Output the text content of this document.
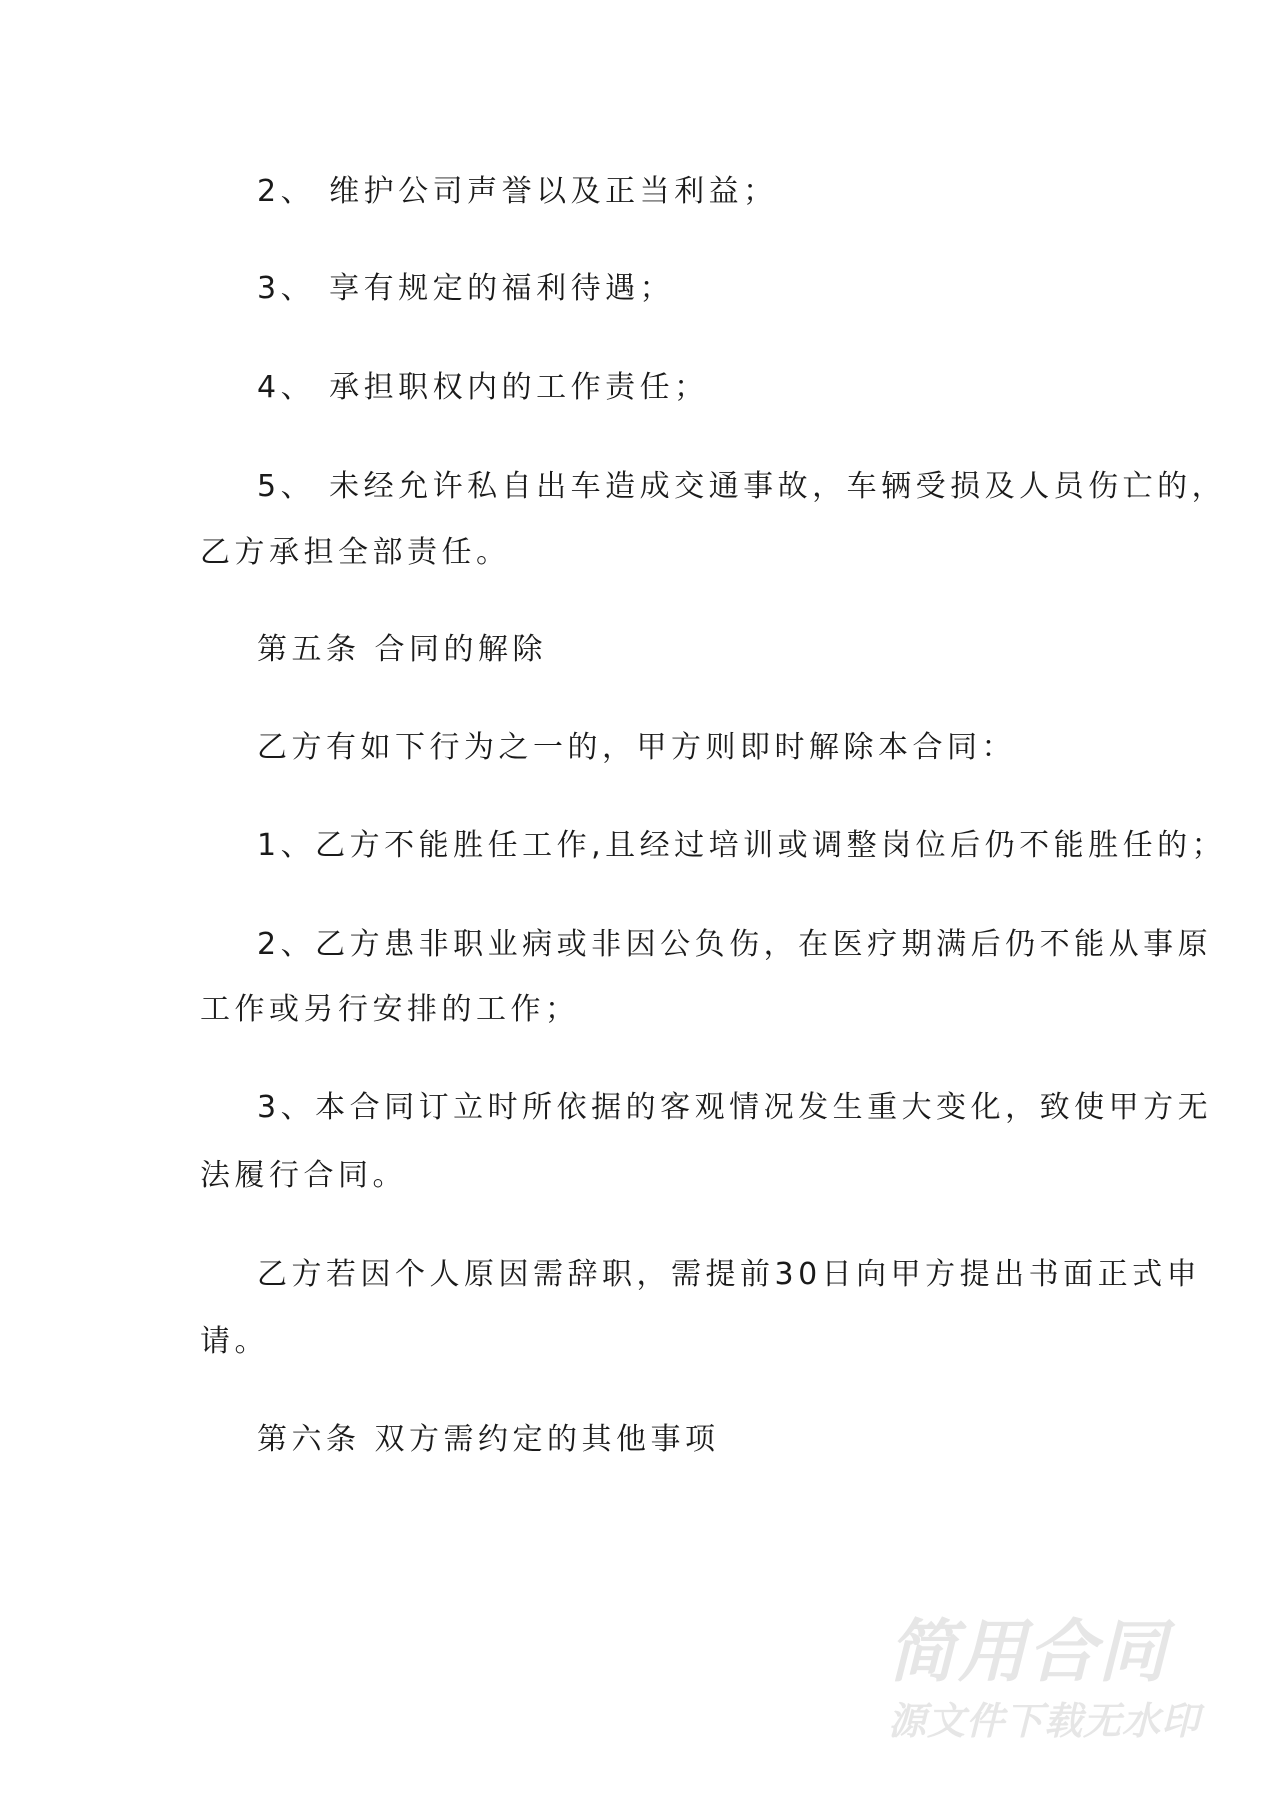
2、 维护公司声誉以及正当利益；
3、 享有规定的福利待遇；
4、 承担职权内的工作责任；
5、 未经允许私自出车造成交通事故，车辆受损及人员伤亡的，
乙方承担全部责任。
第五条 合同的解除
乙方有如下行为之一的，甲方则即时解除本合同：
1、乙方不能胜任工作,且经过培训或调整岗位后仍不能胜任的；
2、乙方患非职业病或非因公负伤，在医疗期满后仍不能从事原
工作或另行安排的工作；
3、本合同订立时所依据的客观情况发生重大变化，致使甲方无
法履行合同。
乙方若因个人原因需辞职，需提前30日向甲方提出书面正式申
请。
第六条 双方需约定的其他事项
简用合同
源文件下载无水印
